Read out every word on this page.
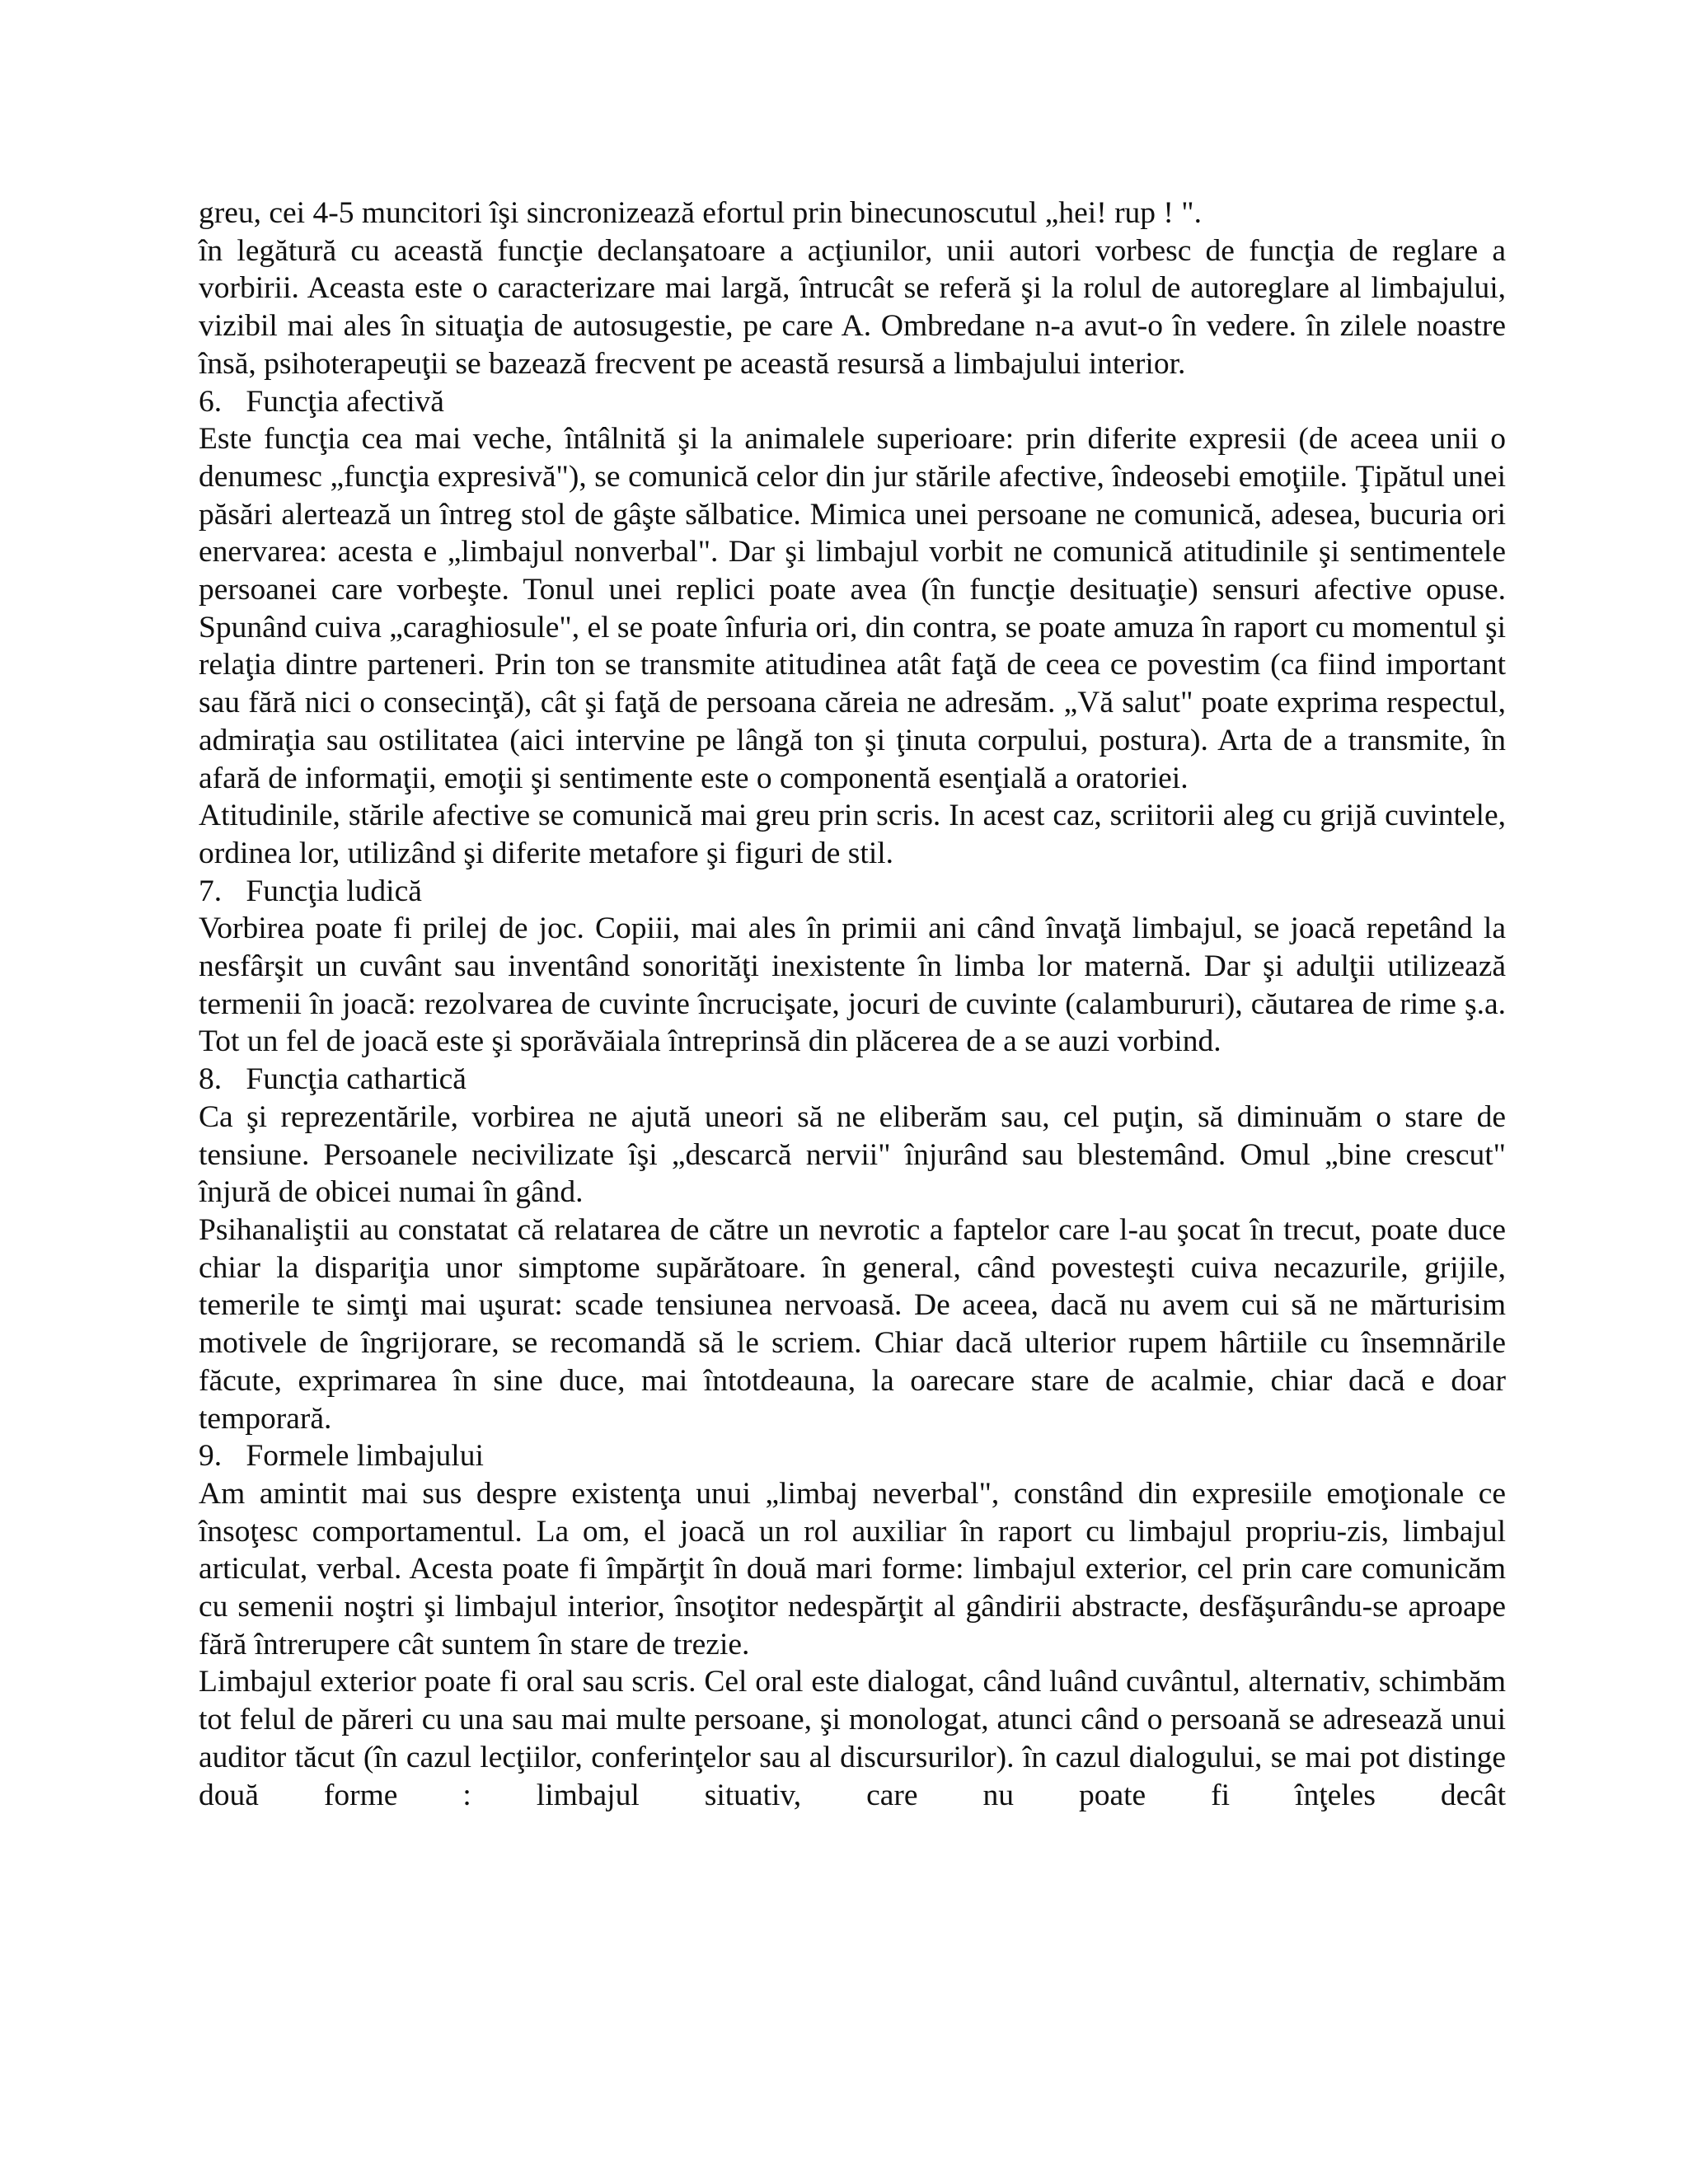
greu, cei 4-5 muncitori îşi sincronizează efortul prin binecunoscutul „hei! rup ! ".

în legătură cu această funcţie declanşatoare a acţiunilor, unii autori vorbesc de funcţia de reglare a vorbirii. Aceasta este o caracterizare mai largă, întrucât se referă şi la rolul de autoreglare al limbajului, vizibil mai ales în situaţia de autosugestie, pe care A. Ombredane n-a avut-o în vedere. în zilele noastre însă, psihoterapeuţii se bazează frecvent pe această resursă a limbajului interior.

6. Funcţia afectivă

Este funcţia cea mai veche, întâlnită şi la animalele superioare: prin diferite expresii (de aceea unii o denumesc „funcţia expresivă"), se comunică celor din jur stările afective, îndeosebi emoţiile. Ţipătul unei păsări alertează un întreg stol de gâşte sălbatice. Mimica unei persoane ne comunică, adesea, bucuria ori enervarea: acesta e „limbajul nonverbal". Dar şi limbajul vorbit ne comunică atitudinile şi sentimentele persoanei care vorbeşte. Tonul unei replici poate avea (în funcţie desituaţie) sensuri afective opuse. Spunând cuiva „caraghiosule", el se poate înfuria ori, din contra, se poate amuza în raport cu momentul şi relaţia dintre parteneri. Prin ton se transmite atitudinea atât faţă de ceea ce povestim (ca fiind important sau fără nici o consecinţă), cât şi faţă de persoana căreia ne adresăm. „Vă salut" poate exprima respectul, admiraţia sau ostilitatea (aici intervine pe lângă ton şi ţinuta corpului, postura). Arta de a transmite, în afară de informaţii, emoţii şi sentimente este o componentă esenţială a oratoriei.

Atitudinile, stările afective se comunică mai greu prin scris. In acest caz, scriitorii aleg cu grijă cuvintele, ordinea lor, utilizând şi diferite metafore şi figuri de stil.

7. Funcţia ludică

Vorbirea poate fi prilej de joc. Copiii, mai ales în primii ani când învaţă limbajul, se joacă repetând la nesfârşit un cuvânt sau inventând sonorităţi inexistente în limba lor maternă. Dar şi adulţii utilizează termenii în joacă: rezolvarea de cuvinte încrucişate, jocuri de cuvinte (calambururi), căutarea de rime ş.a. Tot un fel de joacă este şi sporăvăiala întreprinsă din plăcerea de a se auzi vorbind.

8. Funcţia cathartică

Ca şi reprezentările, vorbirea ne ajută uneori să ne eliberăm sau, cel puţin, să diminuăm o stare de tensiune. Persoanele necivilizate îşi „descarcă nervii" înjurând sau blestemând. Omul „bine crescut" înjură de obicei numai în gând.

Psihanaliştii au constatat că relatarea de către un nevrotic a faptelor care l-au şocat în trecut, poate duce chiar la dispariţia unor simptome supărătoare. în general, când povesteşti cuiva necazurile, grijile, temerile te simţi mai uşurat: scade tensiunea nervoasă. De aceea, dacă nu avem cui să ne mărturisim motivele de îngrijorare, se recomandă să le scriem. Chiar dacă ulterior rupem hârtiile cu însemnările făcute, exprimarea în sine duce, mai întotdeauna, la oarecare stare de acalmie, chiar dacă e doar temporară.

9. Formele limbajului

Am amintit mai sus despre existenţa unui „limbaj neverbal", constând din expresiile emoţionale ce însoţesc comportamentul. La om, el joacă un rol auxiliar în raport cu limbajul propriu-zis, limbajul articulat, verbal. Acesta poate fi împărţit în două mari forme: limbajul exterior, cel prin care comunicăm cu semenii noştri şi limbajul interior, însoţitor nedespărţit al gândirii abstracte, desfăşurându-se aproape fără întrerupere cât suntem în stare de trezie.

Limbajul exterior poate fi oral sau scris. Cel oral este dialogat, când luând cuvântul, alternativ, schimbăm tot felul de păreri cu una sau mai multe persoane, şi monologat, atunci când o persoană se adresează unui auditor tăcut (în cazul lecţiilor, conferinţelor sau al discursurilor). în cazul dialogului, se mai pot distinge două forme : limbajul situativ, care nu poate fi înţeles decât
